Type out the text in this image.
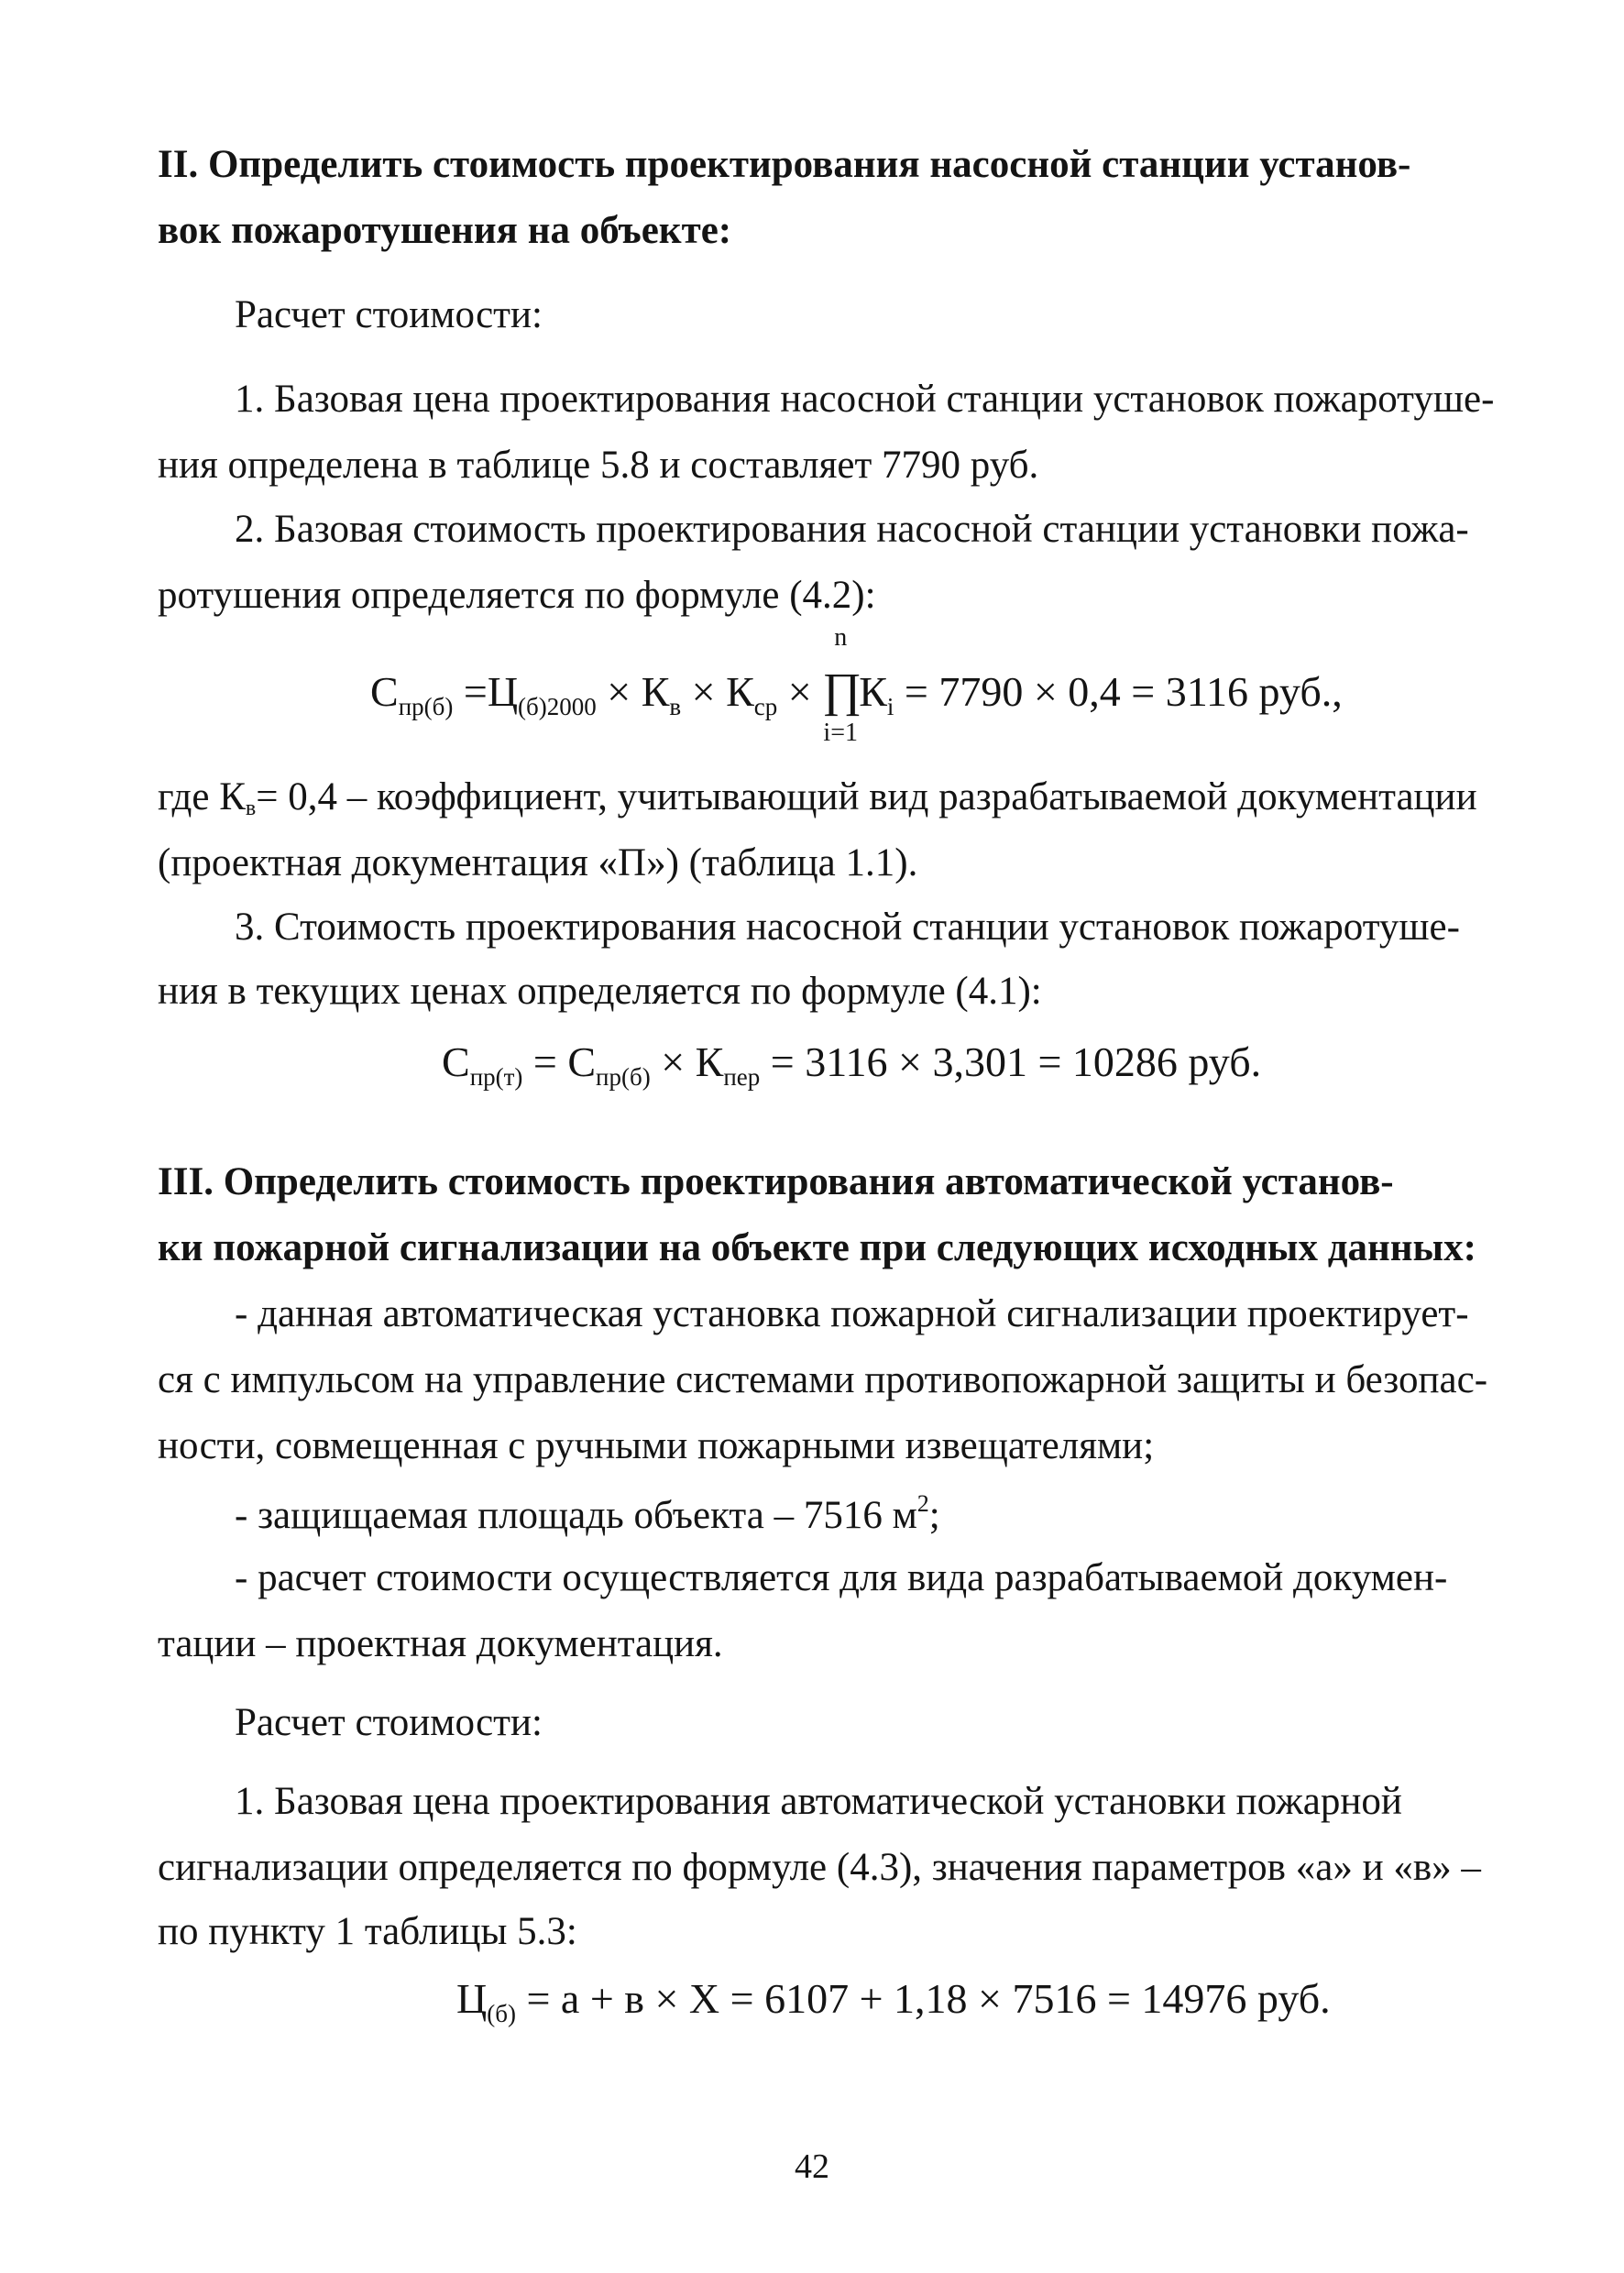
II. Определить стоимость проектирования насосной станции установ-
вок пожаротушения на объекте:
Расчет стоимости:
1. Базовая цена проектирования насосной станции установок пожаротуше-
ния определена в таблице 5.8 и составляет 7790 руб.
2. Базовая стоимость проектирования насосной станции установки пожа-
ротушения определяется по формуле (4.2):
$С_{пр(б)} =Ц_{(б)2000} \times К_в \times К_{ср}$ ×
n
∏
i=1
$К_i = 7790 \times 0,4 = 3116$ руб.,
где $К_в= 0,4$ – коэффициент, учитывающий вид разрабатываемой документации
(проектная документация «П») (таблица 1.1).
3. Стоимость проектирования насосной станции установок пожаротуше-
ния в текущих ценах определяется по формуле (4.1):
$С_{пр(т)} = С_{пр(б)} \times К_{пер} = 3116 \times 3,301 = 10286$ руб.
III. Определить стоимость проектирования автоматической установ-
ки пожарной сигнализации на объекте при следующих исходных данных:
- данная автоматическая установка пожарной сигнализации проектирует-
ся с импульсом на управление системами противопожарной защиты и безопас-
ности, совмещенная с ручными пожарными извещателями;
- защищаемая площадь объекта – 7516 $м^2$;
- расчет стоимости осуществляется для вида разрабатываемой докумен-
тации – проектная документация.
Расчет стоимости:
1. Базовая цена проектирования автоматической установки пожарной
сигнализации определяется по формуле (4.3), значения параметров «а» и «в» –
по пункту 1 таблицы 5.3:
$Ц_{(б)} = а + в \times Х = 6107 + 1,18 \times 7516 = 14976$ руб.
42
